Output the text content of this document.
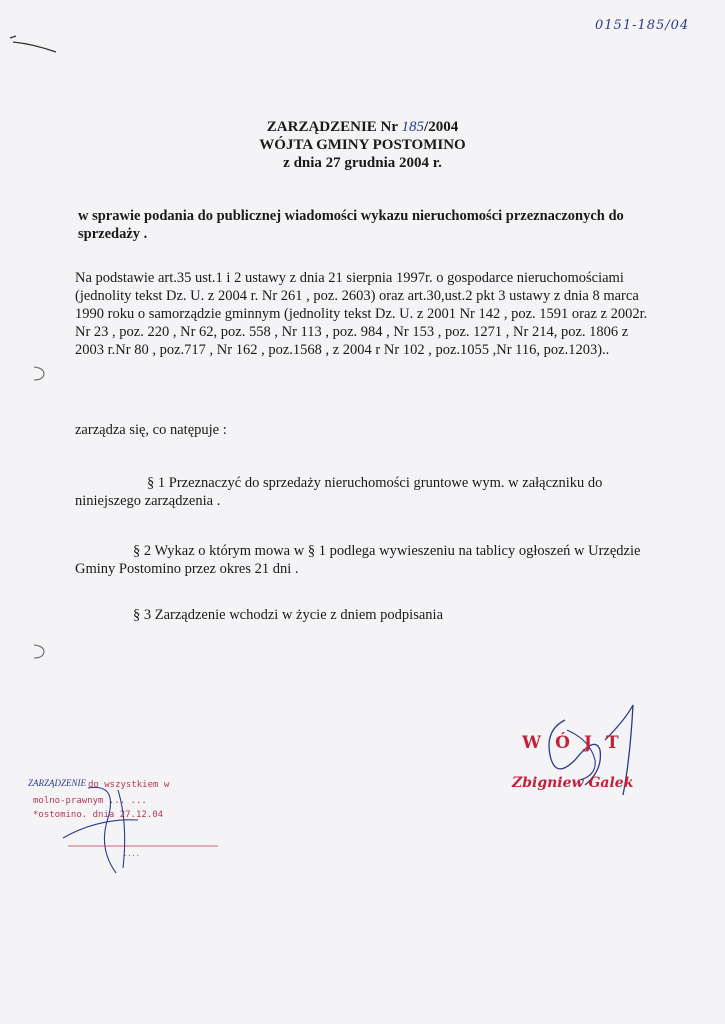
0151-185/04
ZARZĄDZENIE Nr 185/2004
WÓJTA GMINY POSTOMINO
z dnia 27 grudnia 2004 r.
w sprawie podania do publicznej wiadomości wykazu nieruchomości przeznaczonych do sprzedaży .
Na podstawie art.35 ust.1 i 2 ustawy z dnia 21 sierpnia 1997r. o gospodarce nieruchomościami (jednolity tekst Dz. U. z 2004 r. Nr 261 , poz. 2603) oraz art.30,ust.2 pkt 3 ustawy z dnia 8 marca 1990 roku o samorządzie gminnym (jednolity tekst Dz. U. z 2001 Nr 142 , poz. 1591 oraz z 2002r. Nr 23 , poz. 220 , Nr 62, poz. 558 , Nr 113 , poz. 984 , Nr 153 , poz. 1271 , Nr 214, poz. 1806 z 2003 r.Nr 80 , poz.717 , Nr 162 , poz.1568 , z 2004 r Nr 102 , poz.1055 ,Nr 116, poz.1203)..
zarządza się, co natępuje :
§ 1 Przeznaczyć do sprzedaży nieruchomości gruntowe wym. w załączniku do niniejszego zarządzenia .
§ 2 Wykaz o którym mowa w § 1 podlega wywieszeniu na tablicy ogłoszeń w Urzędzie Gminy Postomino przez okres 21 dni .
§ 3 Zarządzenie wchodzi w życie z dniem podpisania
WÓJT
Zbigniew Galek
ZARZĄDZENIE do wszystkiem w
molno-prawnym ... ...
*ostomino. dnia 27.12.04
....
